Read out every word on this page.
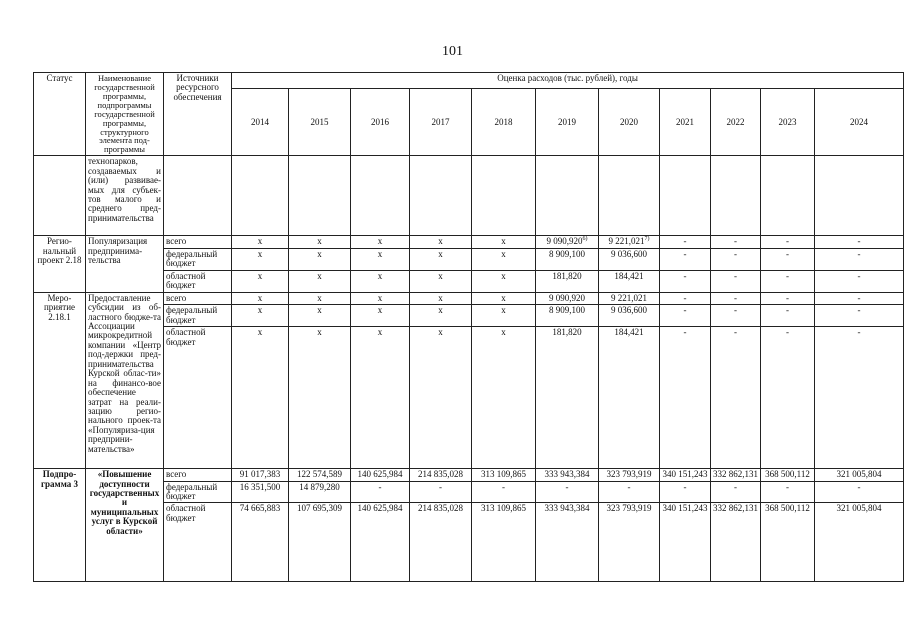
101
Статус	Наименование государственной программы, подпрограммы государственной программы, структурного элемента под-программы	Источники ресурсного обеспечения	Оценка расходов (тыс. рублей), годы										
			2014	2015	2016	2017	2018	2019	2020	2021	2022	2023	2024
	технопарков, создаваемых и (или) развивае-мых для субъек-тов малого и среднего пред-принимательства												
Регио-нальный проект 2.18	Популяризация предпринима-тельства	всего	x	x	x	x	x	9 090,920$^{6)}$	9 221,021$^{7)}$	-	-	-	-
		федеральный бюджет	x	x	x	x	x	8 909,100	9 036,600	-	-	-	-
		областной бюджет	x	x	x	x	x	181,820	184,421	-	-	-	-
Меро-приятие 2.18.1	Предоставление субсидии из об-ластного бюдже-та Ассоциации микрокредитной компании «Центр под-держки пред-принимательства Курской облас-ти» на финансо-вое обеспечение затрат на реали-зацию регио-нального проек-та «Популяриза-ция предприни-мательства»	всего	x	x	x	x	x	9 090,920	9 221,021	-	-	-	-
		федеральный бюджет	x	x	x	x	x	8 909,100	9 036,600	-	-	-	-
		областной бюджет	x	x	x	x	x	181,820	184,421	-	-	-	-
Подпро-грамма 3	«Повышение доступности государственных и муниципальных услуг в Курской области»	всего	91 017,383	122 574,589	140 625,984	214 835,028	313 109,865	333 943,384	323 793,919	340 151,243	332 862,131	368 500,112	321 005,804
		федеральный бюджет	16 351,500	14 879,280	-	-	-	-	-	-	-	-	-
		областной бюджет	74 665,883	107 695,309	140 625,984	214 835,028	313 109,865	333 943,384	323 793,919	340 151,243	332 862,131	368 500,112	321 005,804
